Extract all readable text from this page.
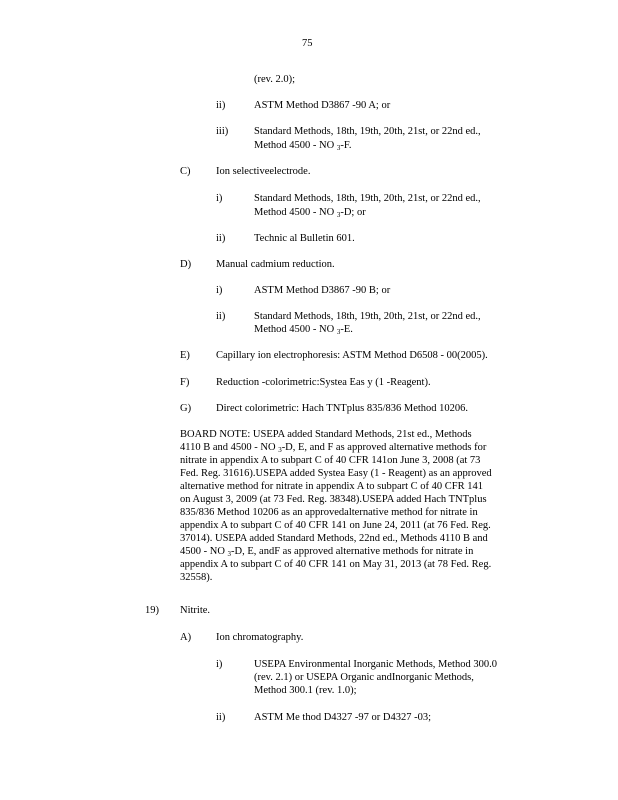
75
(rev. 2.0);
ii)	ASTM Method D3867 -90 A; or
iii) Standard Methods, 18th, 19th, 20th, 21st, or 22nd ed.,
Method 4500 - NO $_3$-F.
C) Ion selectiveelectrode.
i)	Standard Methods, 18th, 19th, 20th, 21st, or 22nd ed.,
Method 4500 - NO $_3$-D; or
ii)	Technic al Bulletin 601.
D) Manual cadmium reduction.
i)	ASTM Method D3867 -90 B; or
ii)	Standard Methods, 18th, 19th, 20th, 21st, or 22nd ed.,
Method 4500 - NO $_3$-E.
E) Capillary ion electrophoresis: ASTM Method D6508 - 00(2005).
F)	Reduction -colorimetric:Systea Eas y (1 -Reagent).
G) Direct colorimetric: Hach TNTplus 835/836 Method 10206.
BOARD NOTE: USEPA added Standard Methods, 21st ed., Methods
4110 B and 4500 - NO $_3$-D, E, and F as approved alternative methods for
nitrate in appendix A to subpart C of 40 CFR 141on June 3, 2008 (at 73
Fed. Reg. 31616).USEPA added Systea Easy (1 - Reagent) as an approved
alternative method for nitrate in appendix A to subpart C of 40 CFR 141
on August 3, 2009 (at 73 Fed. Reg. 38348).USEPA added Hach TNTplus
835/836 Method 10206 as an approvedalternative method for nitrate in
appendix A to subpart C of 40 CFR 141 on June 24, 2011 (at 76 Fed. Reg.
37014). USEPA added Standard Methods, 22nd ed., Methods 4110 B and
4500 - NO $_3$-D, E, andF as approved alternative methods for nitrate in
appendix A to subpart C of 40 CFR 141 on May 31, 2013 (at 78 Fed. Reg.
32558).
19) Nitrite.
A) Ion chromatography.
i)	USEPA Environmental Inorganic Methods, Method 300.0
(rev. 2.1) or USEPA Organic andInorganic Methods,
Method 300.1 (rev. 1.0);
ii)	ASTM Me thod D4327 -97 or D4327 -03;
